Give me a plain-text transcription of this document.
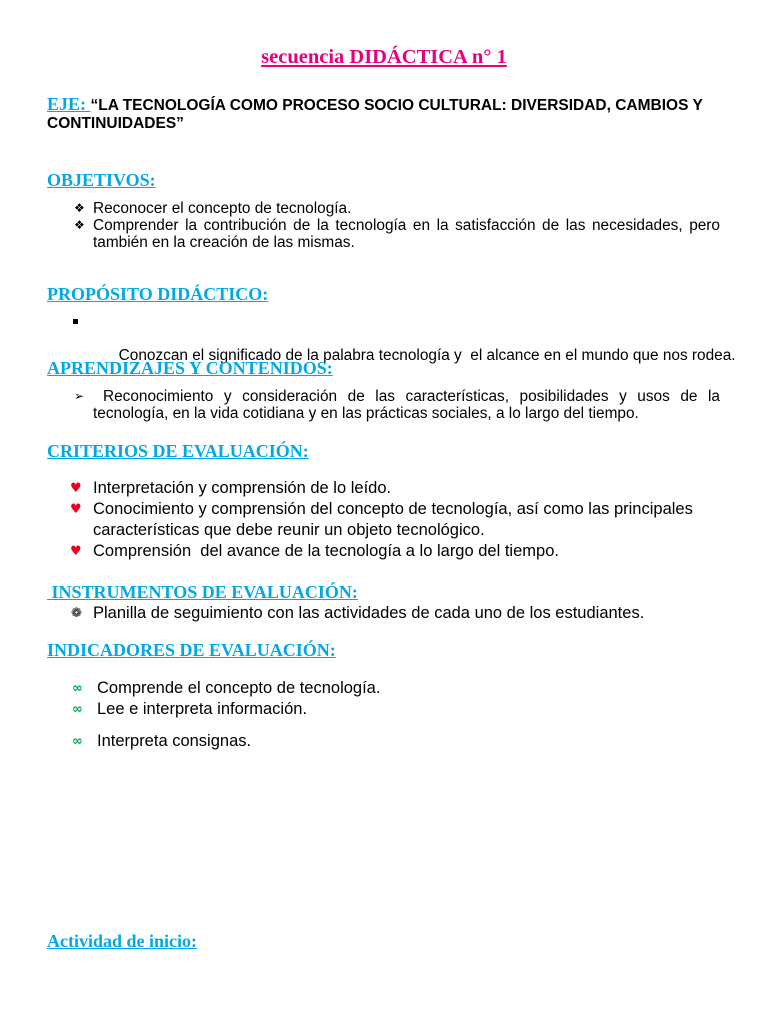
secuencia DIDÁCTICA n° 1
EJE: “LA TECNOLOGÍA COMO PROCESO SOCIO CULTURAL: DIVERSIDAD, CAMBIOS Y CONTINUIDADES”
OBJETIVOS:
❖
Reconocer el concepto de tecnología.
❖
Comprender la contribución de la tecnología en la satisfacción de las necesidades, pero también en la creación de las mismas.
PROPÓSITO DIDÁCTICO:

Conozcan el significado de la palabra tecnología y  el alcance en el mundo que nos rodea.

APRENDIZAJES Y CONTENIDOS:
➢
Reconocimiento y consideración de las características, posibilidades y usos de la tecnología, en la vida cotidiana y en las prácticas sociales, a lo largo del tiempo.
CRITERIOS DE EVALUACIÓN:
♥
Interpretación y comprensión de lo leído.
♥
Conocimiento y comprensión del concepto de tecnología, así como las principales características que debe reunir un objeto tecnológico.
♥
Comprensión  del avance de la tecnología a lo largo del tiempo.
INSTRUMENTOS DE EVALUACIÓN:
❁
Planilla de seguimiento con las actividades de cada uno de los estudiantes.
INDICADORES DE EVALUACIÓN:
∞
Comprende el concepto de tecnología.
∞
Lee e interpreta información.
∞
Interpreta consignas.
Actividad de inicio:
